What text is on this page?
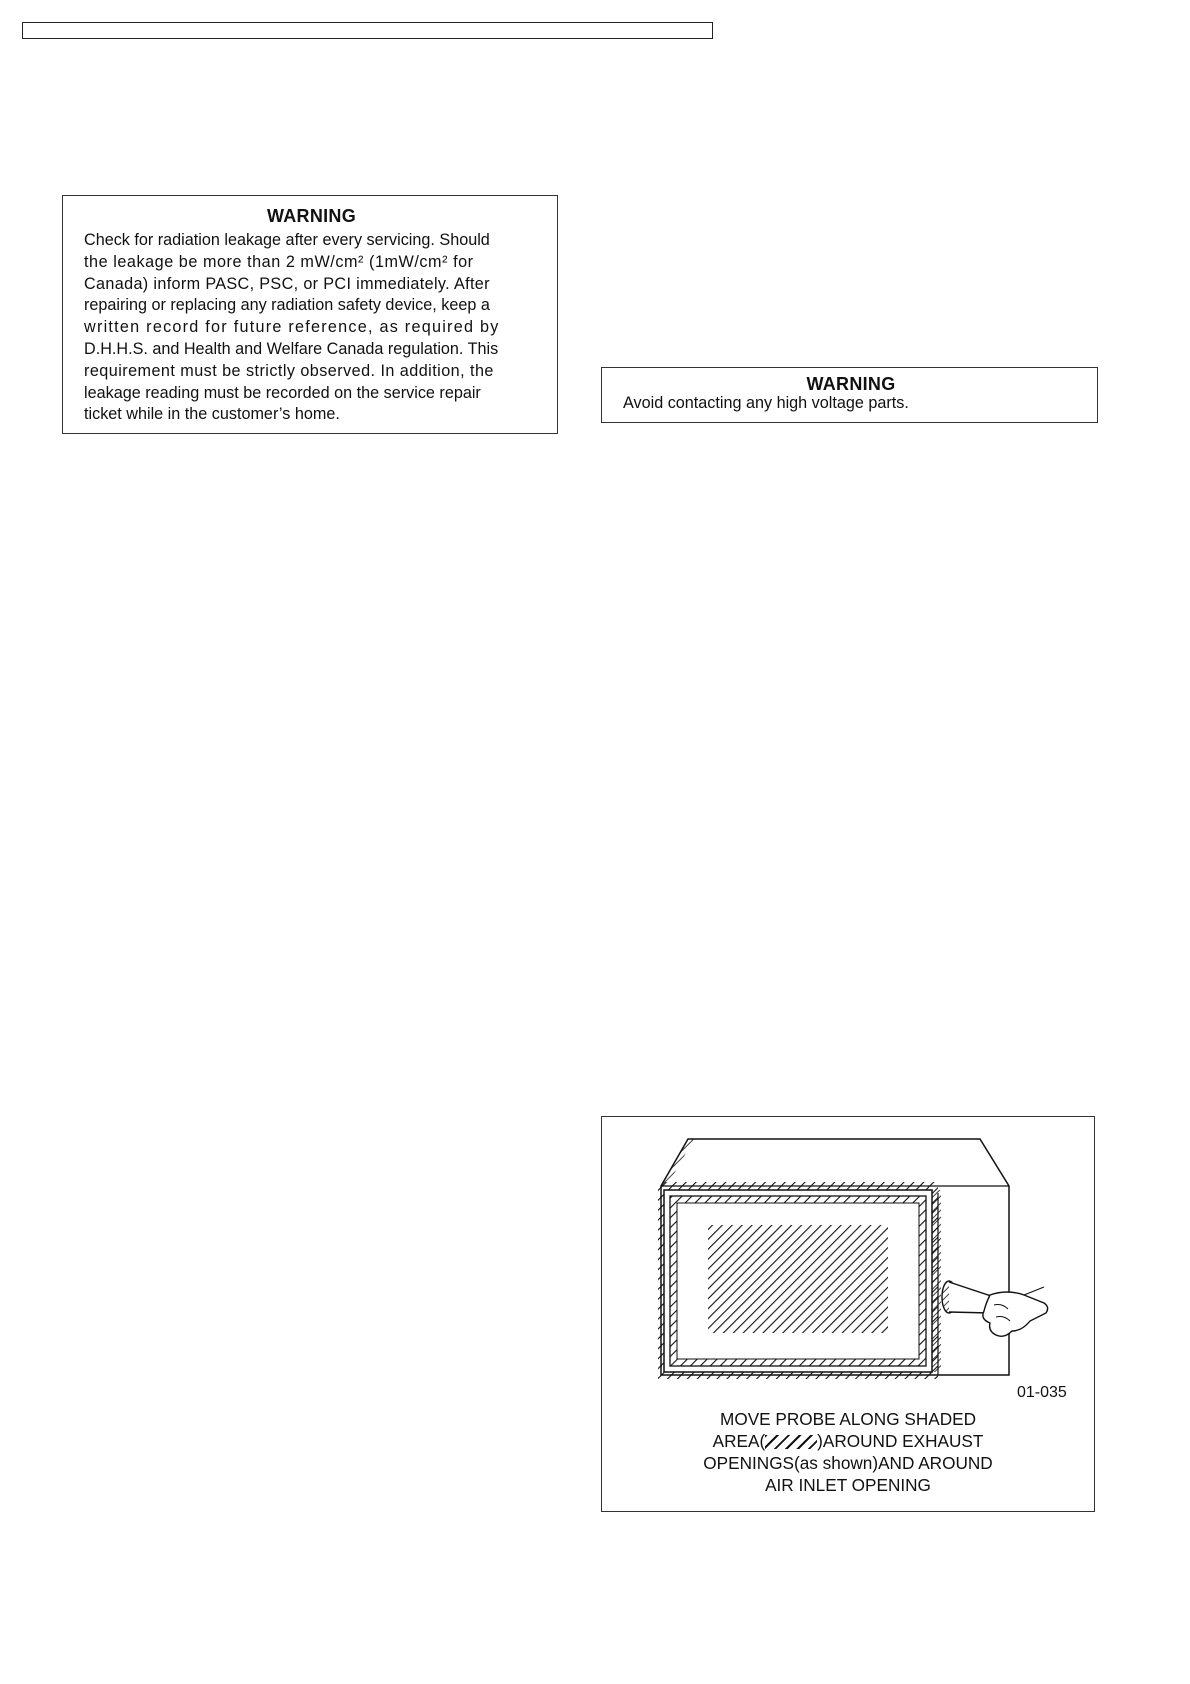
WARNING
Check for radiation leakage after every servicing. Should
the leakage be more than 2 mW/cm² (1mW/cm² for
Canada) inform PASC, PSC, or PCI immediately. After
repairing or replacing any radiation safety device, keep a
written record for future reference, as required by
D.H.H.S. and Health and Welfare Canada regulation. This
requirement must be strictly observed. In addition, the
leakage reading must be recorded on the service repair
ticket while in the customer’s home.
WARNING
Avoid contacting any high voltage parts.
01-035
MOVE PROBE ALONG SHADED
AREA(	)AROUND EXHAUST
OPENINGS(as shown)AND AROUND
AIR INLET OPENING
